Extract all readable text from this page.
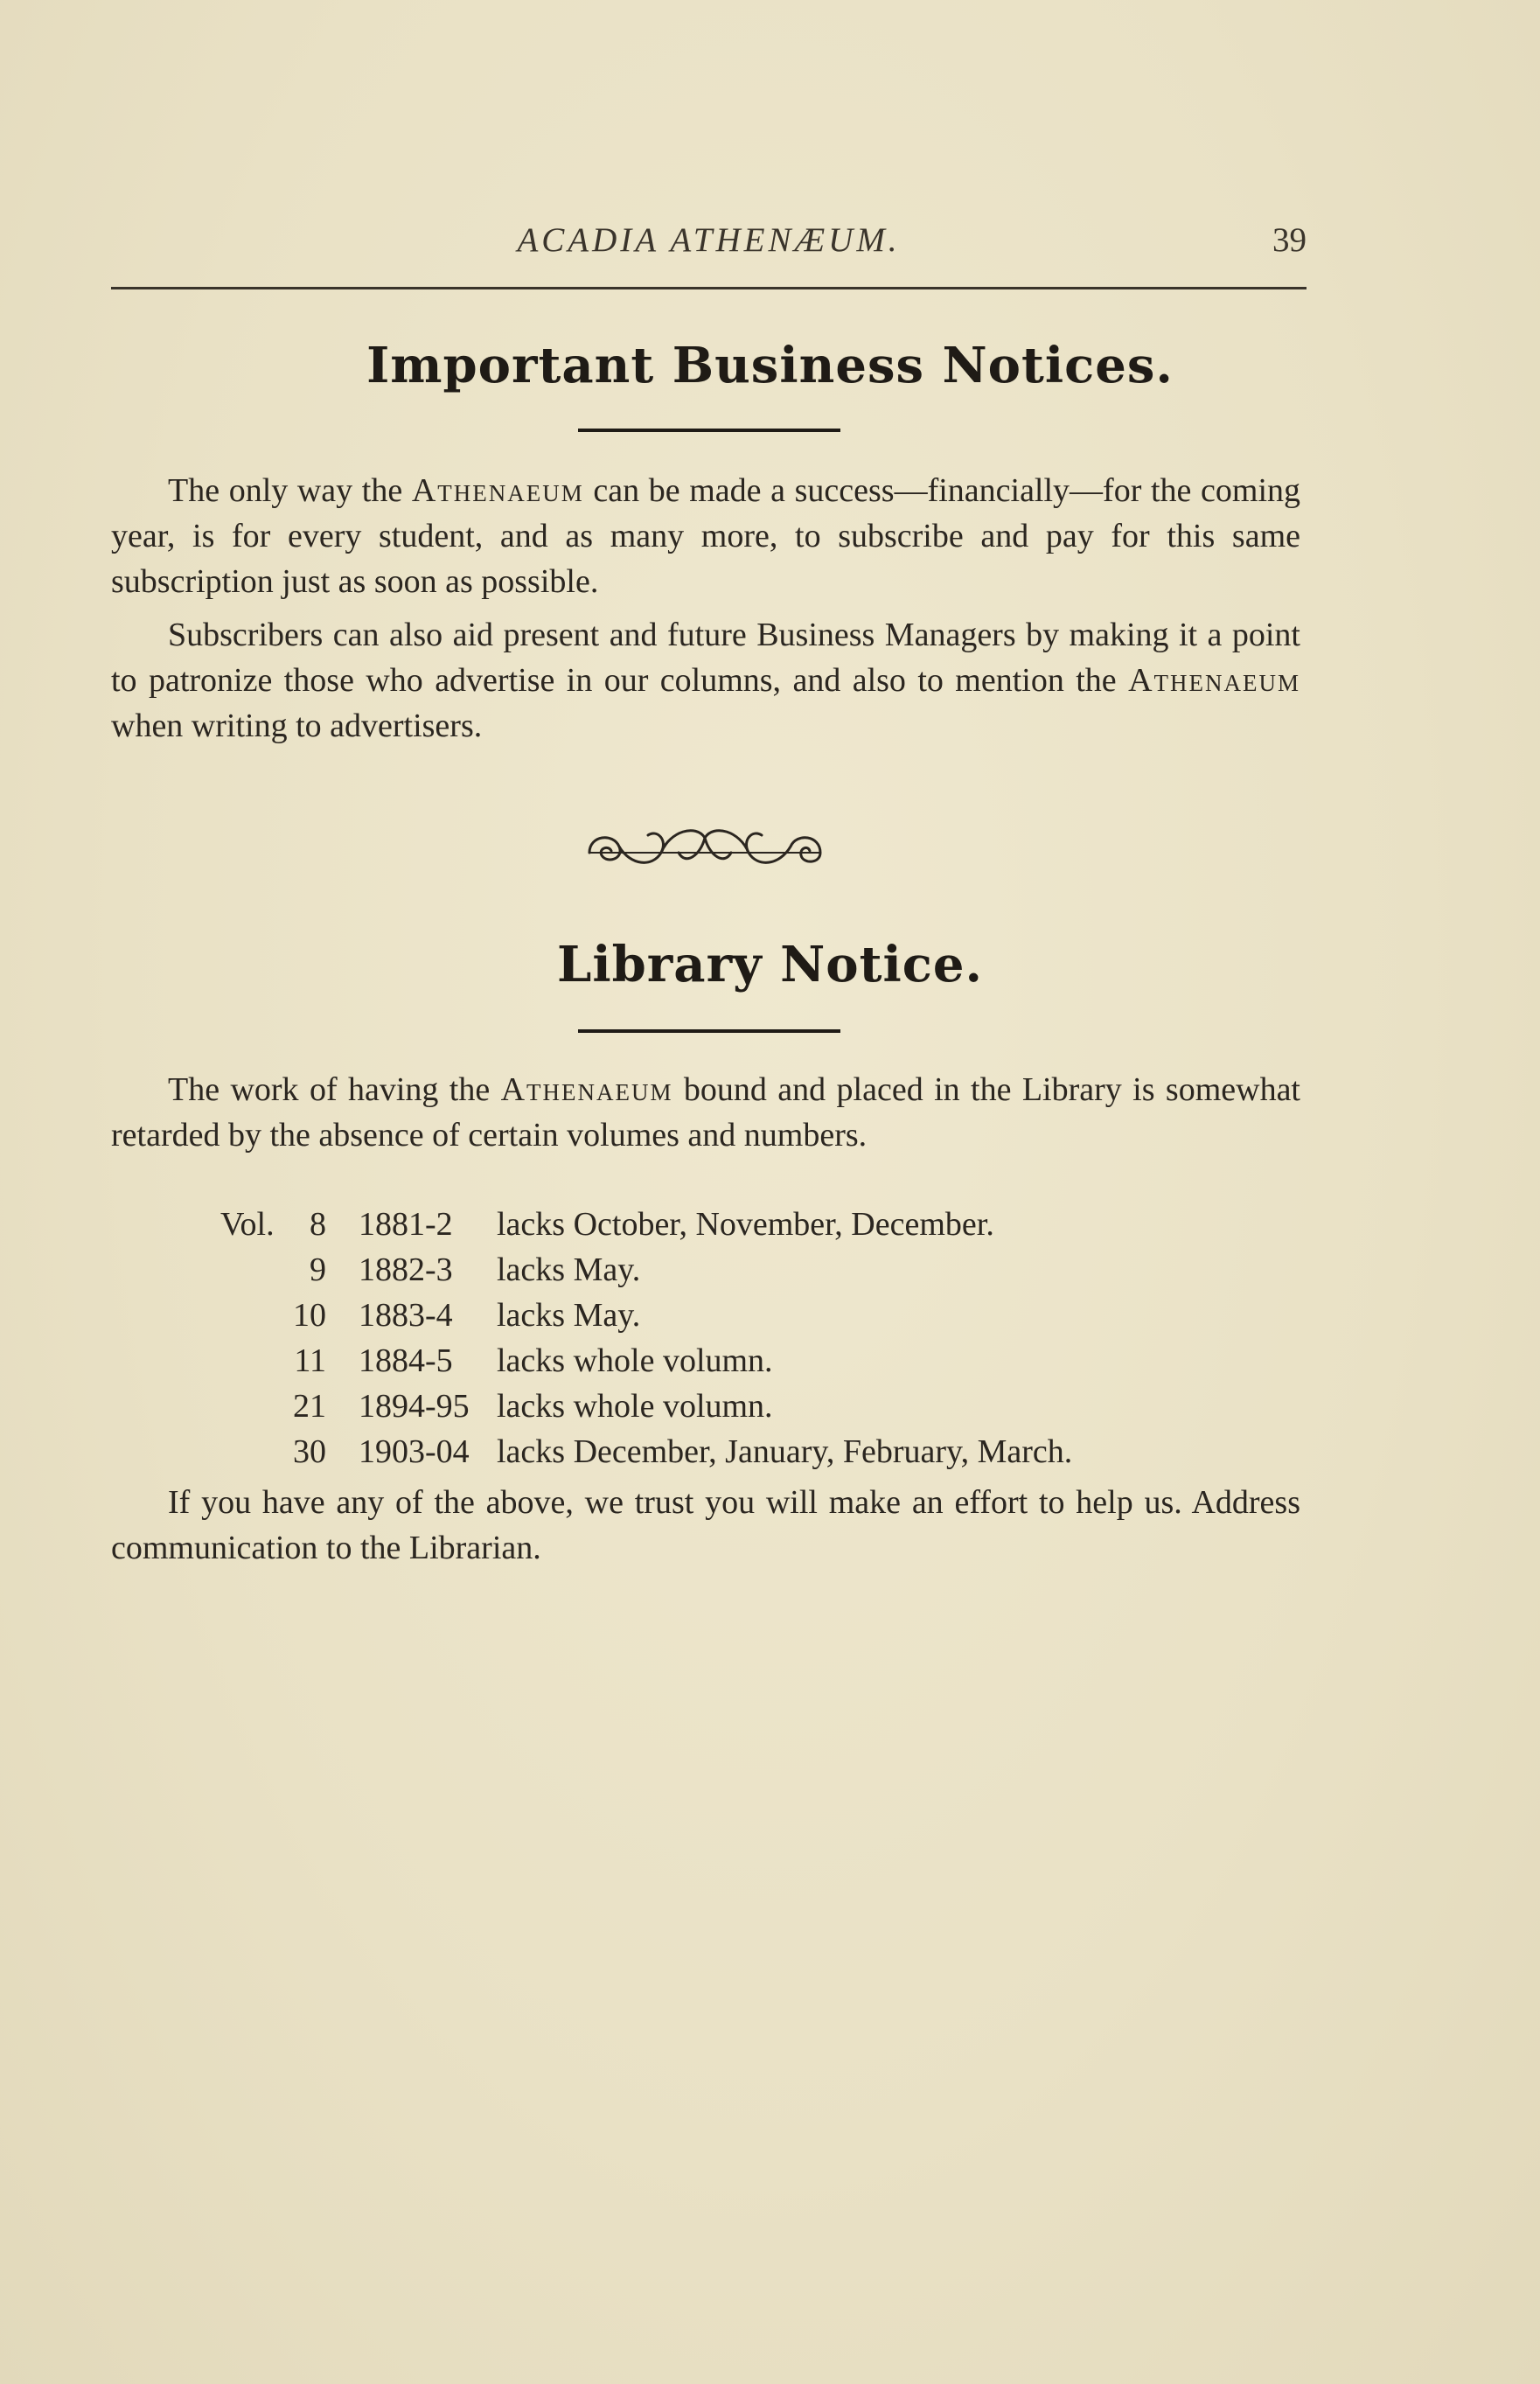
ACADIA ATHENÆUM.	39
Important Business Notices.
The only way the Athenaeum can be made a success—financially—for the coming year, is for every student, and as many more, to subscribe and pay for this same subscription just as soon as possible.
Subscribers can also aid present and future Business Managers by making it a point to patronize those who advertise in our columns, and also to mention the Athenaeum when writing to advertisers.
Library Notice.
The work of having the Athenaeum bound and placed in the Library is somewhat retarded by the absence of certain volumes and numbers.
Vol.	8 1881-2 lacks October, November, December.
9 1882-3 lacks May.
10 1883-4 lacks May.
11 1884-5 lacks whole volumn.
21 1894-95 lacks whole volumn.
30 1903-04 lacks December, January, February, March.
If you have any of the above, we trust you will make an effort to help us. Address communication to the Librarian.
